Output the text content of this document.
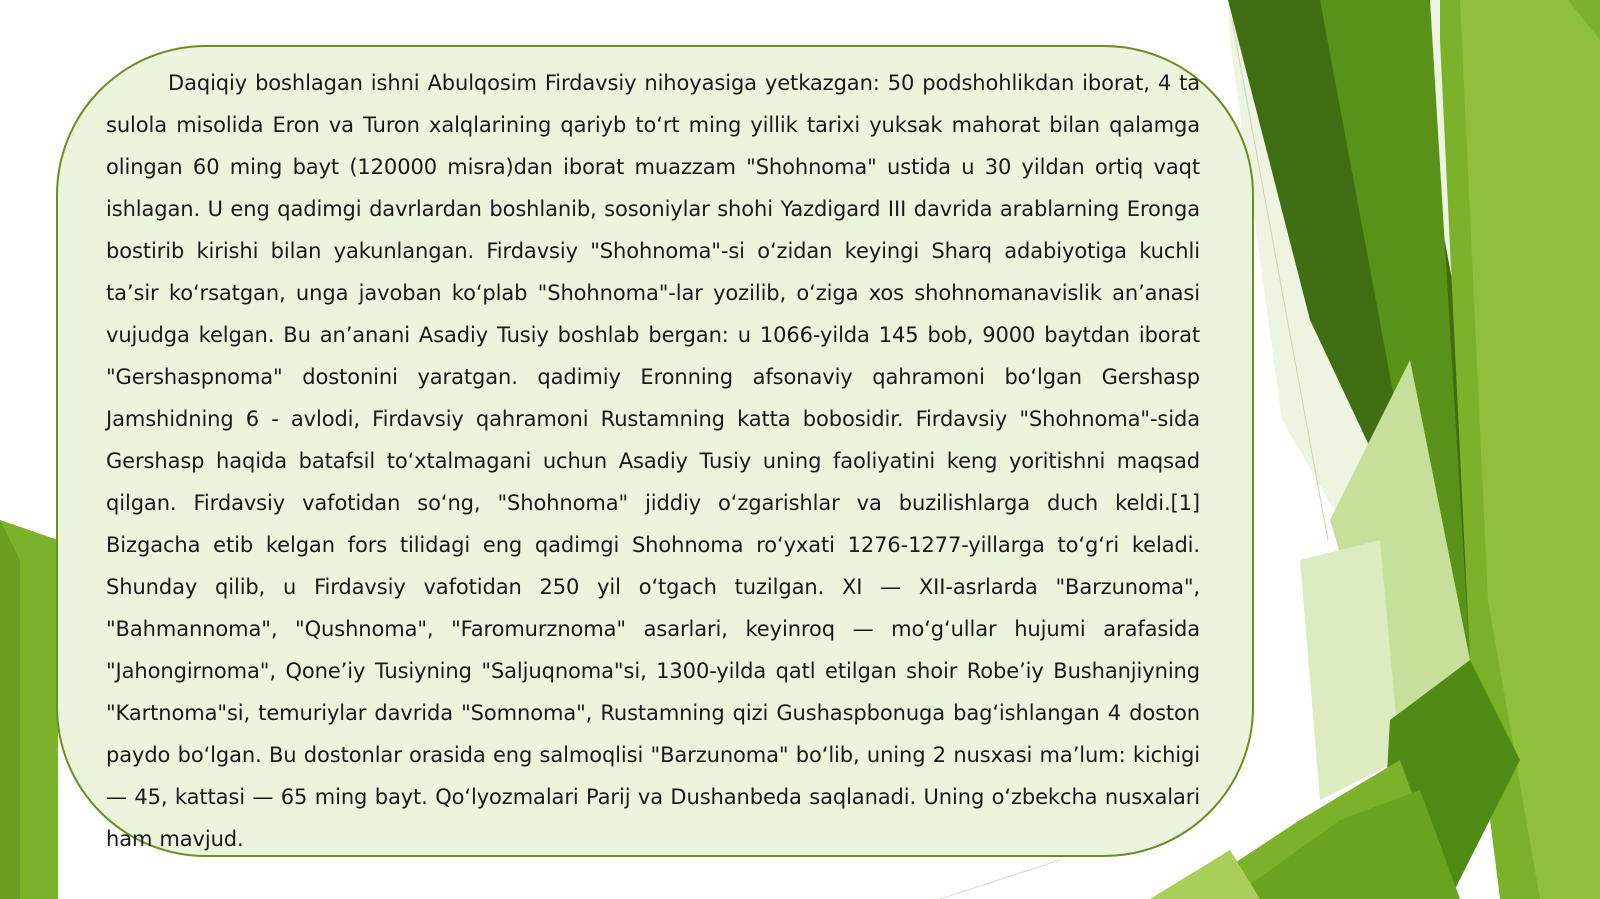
Daqiqiy boshlagan ishni Abulqosim Firdavsiy nihoyasiga yetkazgan: 50 podshohlikdan iborat, 4 ta sulola misolida Eron va Turon xalqlarining qariyb to‘rt ming yillik tarixi yuksak mahorat bilan qalamga olingan 60 ming bayt (120000 misra)dan iborat muazzam "Shohnoma" ustida u 30 yildan ortiq vaqt ishlagan. U eng qadimgi davrlardan boshlanib, sosoniylar shohi Yazdigard III davrida arablarning Eronga bostirib kirishi bilan yakunlangan. Firdavsiy "Shohnoma"-si o‘zidan keyingi Sharq adabiyotiga kuchli ta’sir ko‘rsatgan, unga javoban ko‘plab "Shohnoma"-lar yozilib, o‘ziga xos shohnomanavislik an’anasi vujudga kelgan. Bu an’anani Asadiy Tusiy boshlab bergan: u 1066-yilda 145 bob, 9000 baytdan iborat "Gershaspnoma" dostonini yaratgan. qadimiy Eronning afsonaviy qahramoni bo‘lgan Gershasp Jamshidning 6 - avlodi, Firdavsiy qahramoni Rustamning katta bobosidir. Firdavsiy "Shohnoma"-sida Gershasp haqida batafsil to‘xtalmagani uchun Asadiy Tusiy uning faoliyatini keng yoritishni maqsad qilgan. Firdavsiy vafotidan so‘ng, "Shohnoma" jiddiy o‘zgarishlar va buzilishlarga duch keldi.[1] Bizgacha etib kelgan fors tilidagi eng qadimgi Shohnoma ro‘yxati 1276-1277-yillarga to‘g‘ri keladi. Shunday qilib, u Firdavsiy vafotidan 250 yil o‘tgach tuzilgan. XI — XII-asrlarda "Barzunoma", "Bahmannoma", "Qushnoma", "Faromurznoma" asarlari, keyinroq — mo‘g‘ullar hujumi arafasida "Jahongirnoma", Qone’iy Tusiyning "Saljuqnoma"si, 1300-yilda qatl etilgan shoir Robe’iy Bushanjiyning "Kartnoma"si, temuriylar davrida "Somnoma", Rustamning qizi Gushaspbonuga bag‘ishlangan 4 doston paydo bo‘lgan. Bu dostonlar orasida eng salmoqlisi "Barzunoma" bo‘lib, uning 2 nusxasi ma’lum: kichigi — 45, kattasi — 65 ming bayt. Qo‘lyozmalari Parij va Dushanbeda saqlanadi. Uning o‘zbekcha nusxalari ham mavjud.
